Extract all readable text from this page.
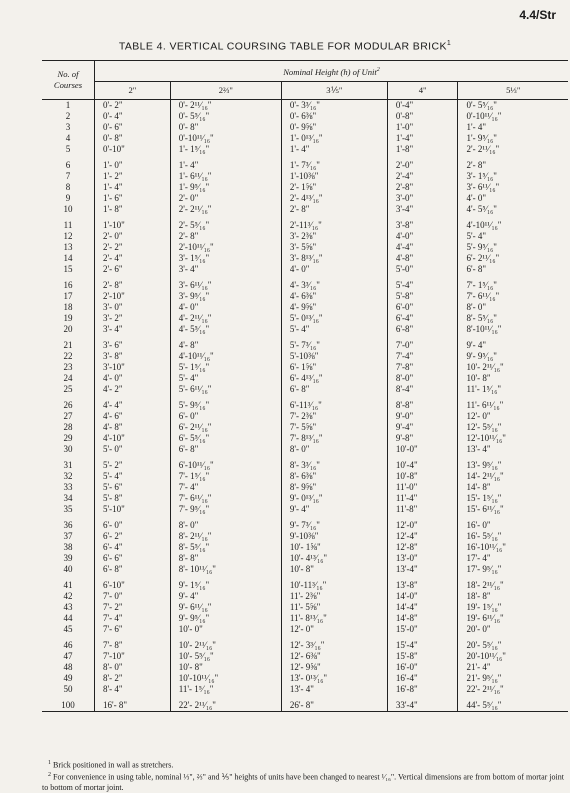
4.4/Str
TABLE 4. VERTICAL COURSING TABLE FOR MODULAR BRICK$^1$
No. of Courses	Nominal Height (h) of Unit$^2$
	2"	2⅔"	3⅕"	4"	5⅓"
1	0'- 2"	0'- 2¹¹⁄₁₆"	0'- 3³⁄₁₆"	0'-4"	0'- 5⁵⁄₁₆"
2	0'- 4"	0'- 5⁵⁄₁₆"	0'- 6⅜"	0'-8"	0'-10¹¹⁄₁₆"
3	0'- 6"	0'- 8"	0'- 9⅝"	1'-0"	1'- 4"
4	0'- 8"	0'-10¹¹⁄₁₆"	1'- 0¹³⁄₁₆"	1'-4"	1'- 9⁵⁄₁₆"
5	0'-10"	1'- 1⁵⁄₁₆"	1'- 4"	1'-8"	2'- 2¹¹⁄₁₆"

6	1'- 0"	1'- 4"	1'- 7³⁄₁₆"	2'-0"	2'- 8"
7	1'- 2"	1'- 6¹¹⁄₁₆"	1'-10⅜"	2'-4"	3'- 1⁵⁄₁₆"
8	1'- 4"	1'- 9⁵⁄₁₆"	2'- 1⅝"	2'-8"	3'- 6¹¹⁄₁₆"
9	1'- 6"	2'- 0"	2'- 4¹³⁄₁₆"	3'-0"	4'- 0"
10	1'- 8"	2'- 2¹¹⁄₁₆"	2'- 8"	3'-4"	4'- 5⁵⁄₁₆"

11	1'-10"	2'- 5⁵⁄₁₆"	2'-11³⁄₁₆"	3'-8"	4'-10¹¹⁄₁₆"
12	2'- 0"	2'- 8"	3'- 2⅜"	4'-0"	5'- 4"
13	2'- 2"	2'-10¹¹⁄₁₆"	3'- 5⅝"	4'-4"	5'- 9⁵⁄₁₆"
14	2'- 4"	3'- 1⁵⁄₁₆"	3'- 8¹³⁄₁₆"	4'-8"	6'- 2¹¹⁄₁₆"
15	2'- 6"	3'- 4"	4'- 0"	5'-0"	6'- 8"

16	2'- 8"	3'- 6¹¹⁄₁₆"	4'- 3³⁄₁₆"	5'-4"	7'- 1⁵⁄₁₆"
17	2'-10"	3'- 9⁵⁄₁₆"	4'- 6⅜"	5'-8"	7'- 6¹¹⁄₁₆"
18	3'- 0"	4'- 0"	4'- 9⅝"	6'-0"	8'- 0"
19	3'- 2"	4'- 2¹¹⁄₁₆"	5'- 0¹³⁄₁₆"	6'-4"	8'- 5⁵⁄₁₆"
20	3'- 4"	4'- 5⁵⁄₁₆"	5'- 4"	6'-8"	8'-10¹¹⁄₁₆"

21	3'- 6"	4'- 8"	5'- 7³⁄₁₆"	7'-0"	9'- 4"
22	3'- 8"	4'-10¹¹⁄₁₆"	5'-10⅜"	7'-4"	9'- 9⁵⁄₁₆"
23	3'-10"	5'- 1⁵⁄₁₆"	6'- 1⅝"	7'-8"	10'- 2¹¹⁄₁₆"
24	4'- 0"	5'- 4"	6'- 4¹³⁄₁₆"	8'-0"	10'- 8"
25	4'- 2"	5'- 6¹¹⁄₁₆"	6'- 8"	8'-4"	11'- 1⁵⁄₁₆"

26	4'- 4"	5'- 9⁵⁄₁₆"	6'-11³⁄₁₆"	8'-8"	11'- 6¹¹⁄₁₆"
27	4'- 6"	6'- 0"	7'- 2⅜"	9'-0"	12'- 0"
28	4'- 8"	6'- 2¹¹⁄₁₆"	7'- 5⅝"	9'-4"	12'- 5⁵⁄₁₆"
29	4'-10"	6'- 5⁵⁄₁₆"	7'- 8¹³⁄₁₆"	9'-8"	12'-10¹¹⁄₁₆"
30	5'- 0"	6'- 8"	8'- 0"	10'-0"	13'- 4"

31	5'- 2"	6'-10¹¹⁄₁₆"	8'- 3³⁄₁₆"	10'-4"	13'- 9⁵⁄₁₆"
32	5'- 4"	7'- 1⁵⁄₁₆"	8'- 6⅜"	10'-8"	14'- 2¹¹⁄₁₆"
33	5'- 6"	7'- 4"	8'- 9⅝"	11'-0"	14'- 8"
34	5'- 8"	7'- 6¹¹⁄₁₆"	9'- 0¹³⁄₁₆"	11'-4"	15'- 1⁵⁄₁₆"
35	5'-10"	7'- 9⁵⁄₁₆"	9'- 4"	11'-8"	15'- 6¹¹⁄₁₆"

36	6'- 0"	8'- 0"	9'- 7³⁄₁₆"	12'-0"	16'- 0"
37	6'- 2"	8'- 2¹¹⁄₁₆"	9'-10⅜"	12'-4"	16'- 5⁵⁄₁₆"
38	6'- 4"	8'- 5⁵⁄₁₆"	10'- 1⅝"	12'-8"	16'-10¹¹⁄₁₆"
39	6'- 6"	8'- 8"	10'- 4¹³⁄₁₆"	13'-0"	17'- 4"
40	6'- 8"	8'- 10¹¹⁄₁₆"	10'- 8"	13'-4"	17'- 9⁵⁄₁₆"

41	6'-10"	9'- 1⁵⁄₁₆"	10'-11³⁄₁₆"	13'-8"	18'- 2¹¹⁄₁₆"
42	7'- 0"	9'- 4"	11'- 2⅜"	14'-0"	18'- 8"
43	7'- 2"	9'- 6¹¹⁄₁₆"	11'- 5⅝"	14'-4"	19'- 1⁵⁄₁₆"
44	7'- 4"	9'- 9⁵⁄₁₆"	11'- 8¹³⁄₁₆"	14'-8"	19'- 6¹¹⁄₁₆"
45	7'- 6"	10'- 0"	12'- 0"	15'-0"	20'- 0"

46	7'- 8"	10'- 2¹¹⁄₁₆"	12'- 3³⁄₁₆"	15'-4"	20'- 5⁵⁄₁₆"
47	7'-10"	10'- 5⁵⁄₁₆"	12'- 6⅜"	15'-8"	20'-10¹¹⁄₁₆"
48	8'- 0"	10'- 8"	12'- 9⅝"	16'-0"	21'- 4"
49	8'- 2"	10'-10¹¹⁄₁₆"	13'- 0¹³⁄₁₆"	16'-4"	21'- 9⁵⁄₁₆"
50	8'- 4"	11'- 1⁵⁄₁₆"	13'- 4"	16'-8"	22'- 2¹¹⁄₁₆"

100	16'- 8"	22'- 2¹¹⁄₁₆"	26'- 8"	33'-4"	44'- 5⁵⁄₁₆"
$^1$ Brick positioned in wall as stretchers.
$^2$ For convenience in using table, nominal ⅓", ⅔" and ⅕" heights of units have been changed to nearest ¹⁄₁₆". Vertical dimensions are from bottom of mortar joint to bottom of mortar joint.
